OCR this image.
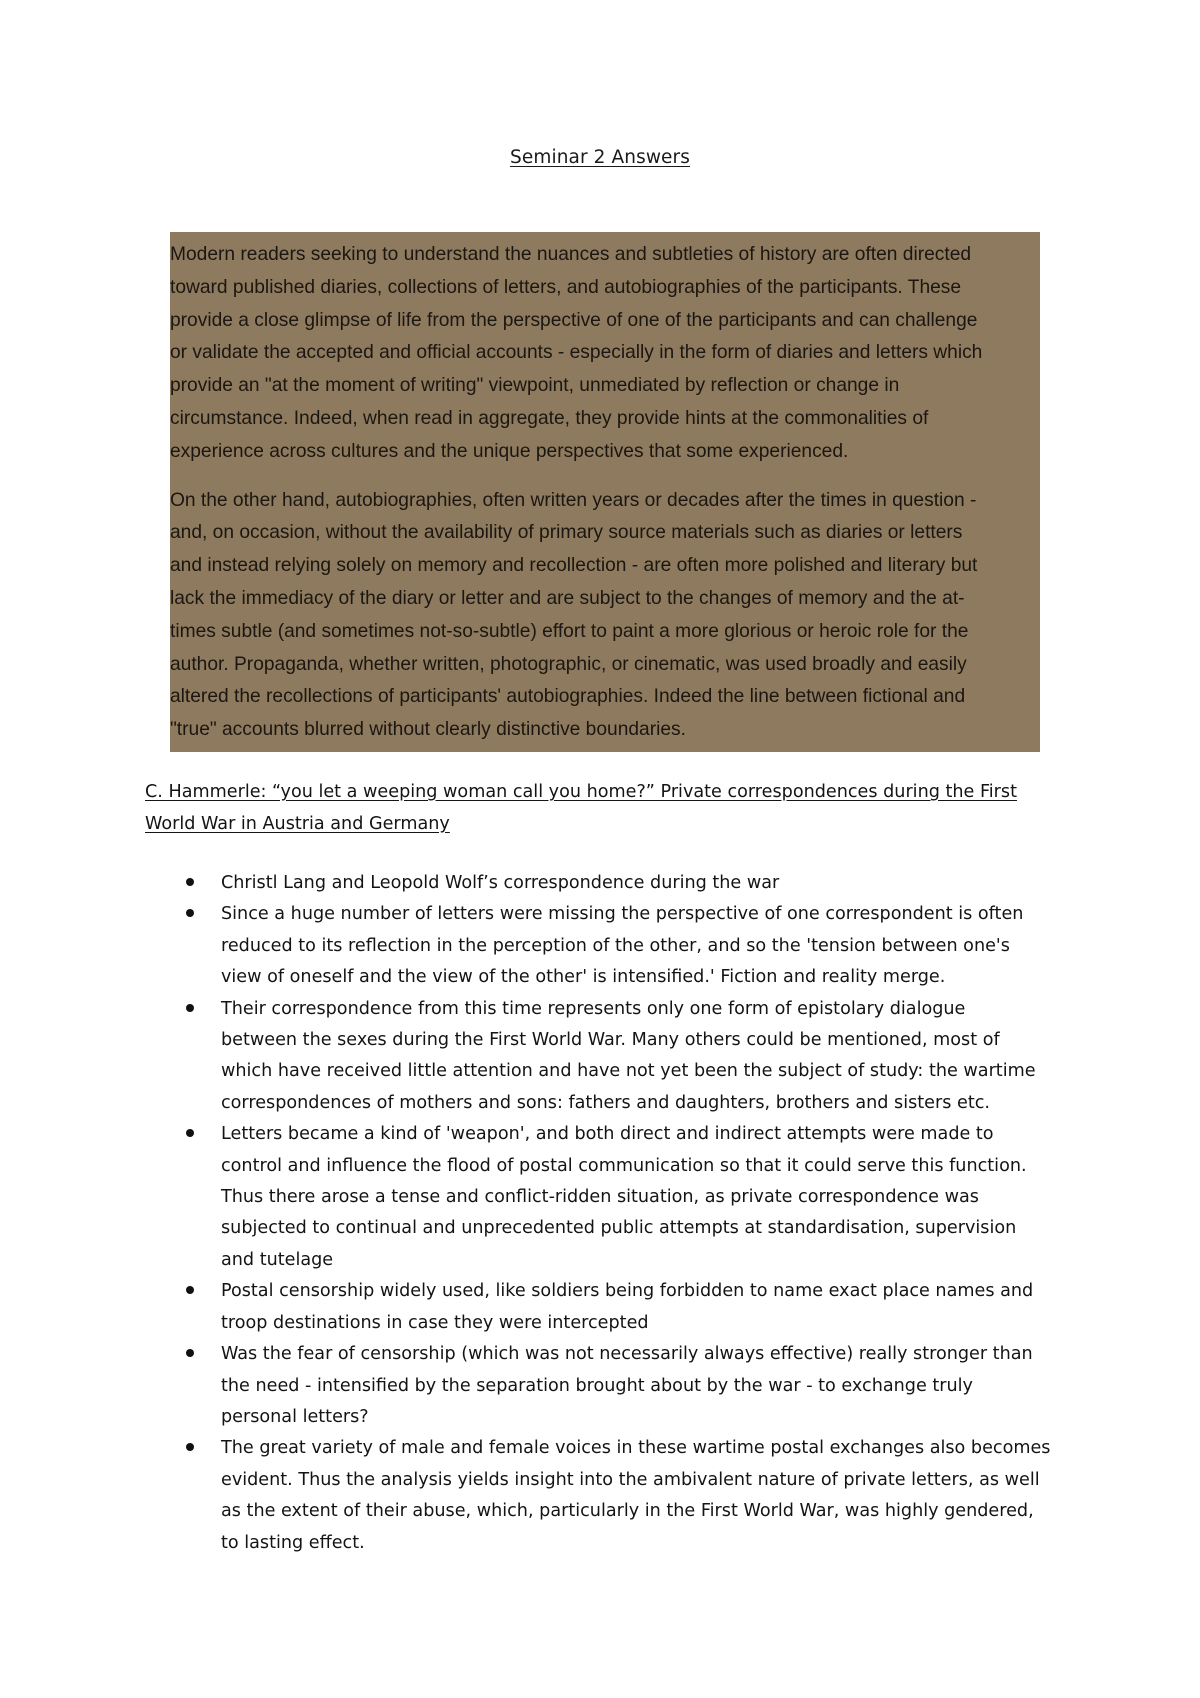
Seminar 2 Answers

Modern readers seeking to understand the nuances and subtleties of history are often directed
toward published diaries, collections of letters, and autobiographies of the participants. These
provide a close glimpse of life from the perspective of one of the participants and can challenge
or validate the accepted and official accounts - especially in the form of diaries and letters which
provide an "at the moment of writing" viewpoint, unmediated by reflection or change in
circumstance. Indeed, when read in aggregate, they provide hints at the commonalities of
experience across cultures and the unique perspectives that some experienced.

On the other hand, autobiographies, often written years or decades after the times in question -
and, on occasion, without the availability of primary source materials such as diaries or letters
and instead relying solely on memory and recollection - are often more polished and literary but
lack the immediacy of the diary or letter and are subject to the changes of memory and the at-
times subtle (and sometimes not-so-subtle) effort to paint a more glorious or heroic role for the
author. Propaganda, whether written, photographic, or cinematic, was used broadly and easily
altered the recollections of participants' autobiographies. Indeed the line between fictional and
"true" accounts blurred without clearly distinctive boundaries.

C. Hammerle: “you let a weeping woman call you home?” Private correspondences during the First
World War in Austria and Germany
Christl Lang and Leopold Wolf’s correspondence during the war
Since a huge number of letters were missing the perspective of one correspondent is often
reduced to its reflection in the perception of the other, and so the 'tension between one's
view of oneself and the view of the other' is intensified.' Fiction and reality merge.
Their correspondence from this time represents only one form of epistolary dialogue
between the sexes during the First World War. Many others could be mentioned, most of
which have received little attention and have not yet been the subject of study: the wartime
correspondences of mothers and sons: fathers and daughters, brothers and sisters etc.
Letters became a kind of 'weapon', and both direct and indirect attempts were made to
control and influence the flood of postal communication so that it could serve this function.
Thus there arose a tense and conflict-ridden situation, as private correspondence was
subjected to continual and unprecedented public attempts at standardisation, supervision
and tutelage
Postal censorship widely used, like soldiers being forbidden to name exact place names and
troop destinations in case they were intercepted
Was the fear of censorship (which was not necessarily always effective) really stronger than
the need - intensified by the separation brought about by the war - to exchange truly
personal letters?
The great variety of male and female voices in these wartime postal exchanges also becomes
evident. Thus the analysis yields insight into the ambivalent nature of private letters, as well
as the extent of their abuse, which, particularly in the First World War, was highly gendered,
to lasting effect.
